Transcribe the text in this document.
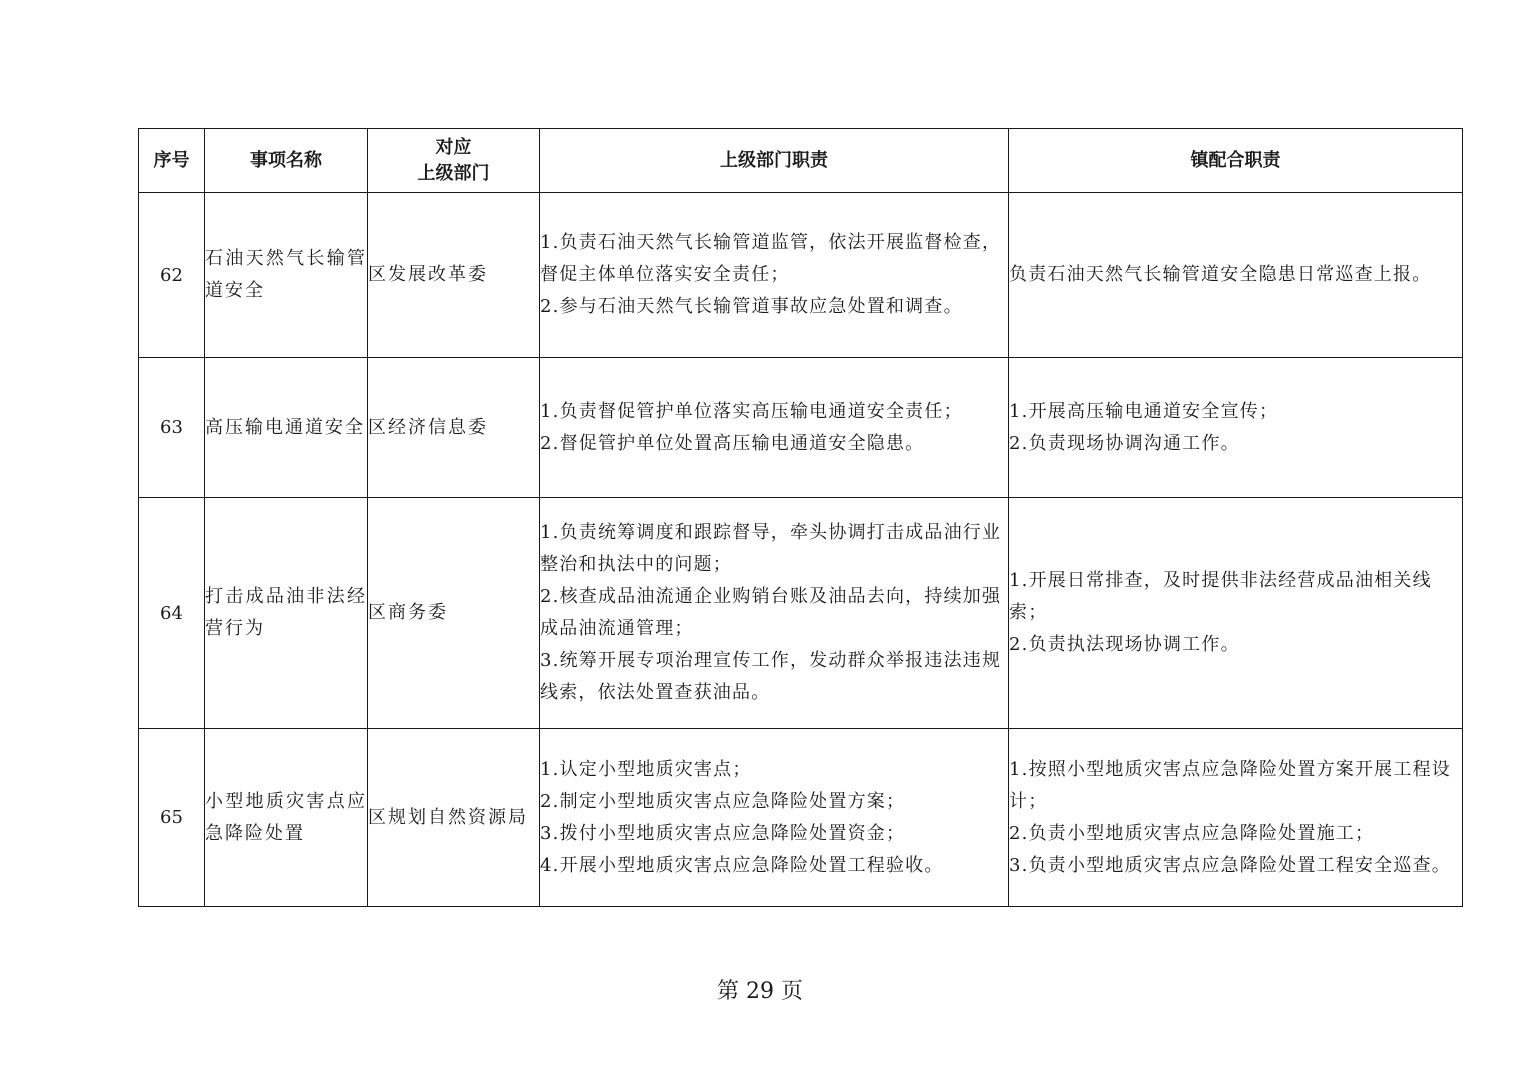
序号	事项名称	对应
上级部门	上级部门职责	镇配合职责
62	石油天然气长输管道安全	区发展改革委	1.负责石油天然气长输管道监管，依法开展监督检查，督促主体单位落实安全责任；
2.参与石油天然气长输管道事故应急处置和调查。	负责石油天然气长输管道安全隐患日常巡查上报。

63	高压输电通道安全	区经济信息委	1.负责督促管护单位落实高压输电通道安全责任；
2.督促管护单位处置高压输电通道安全隐患。	1.开展高压输电通道安全宣传；
2.负责现场协调沟通工作。

64	打击成品油非法经营行为	区商务委	1.负责统筹调度和跟踪督导，牵头协调打击成品油行业整治和执法中的问题；
2.核查成品油流通企业购销台账及油品去向，持续加强成品油流通管理；
3.统筹开展专项治理宣传工作，发动群众举报违法违规线索，依法处置查获油品。	1.开展日常排查，及时提供非法经营成品油相关线索；
2.负责执法现场协调工作。

65	小型地质灾害点应急降险处置	区规划自然资源局	1.认定小型地质灾害点；
2.制定小型地质灾害点应急降险处置方案；
3.拨付小型地质灾害点应急降险处置资金；
4.开展小型地质灾害点应急降险处置工程验收。	1.按照小型地质灾害点应急降险处置方案开展工程设计；
2.负责小型地质灾害点应急降险处置施工；
3.负责小型地质灾害点应急降险处置工程安全巡查。
第 29 页
